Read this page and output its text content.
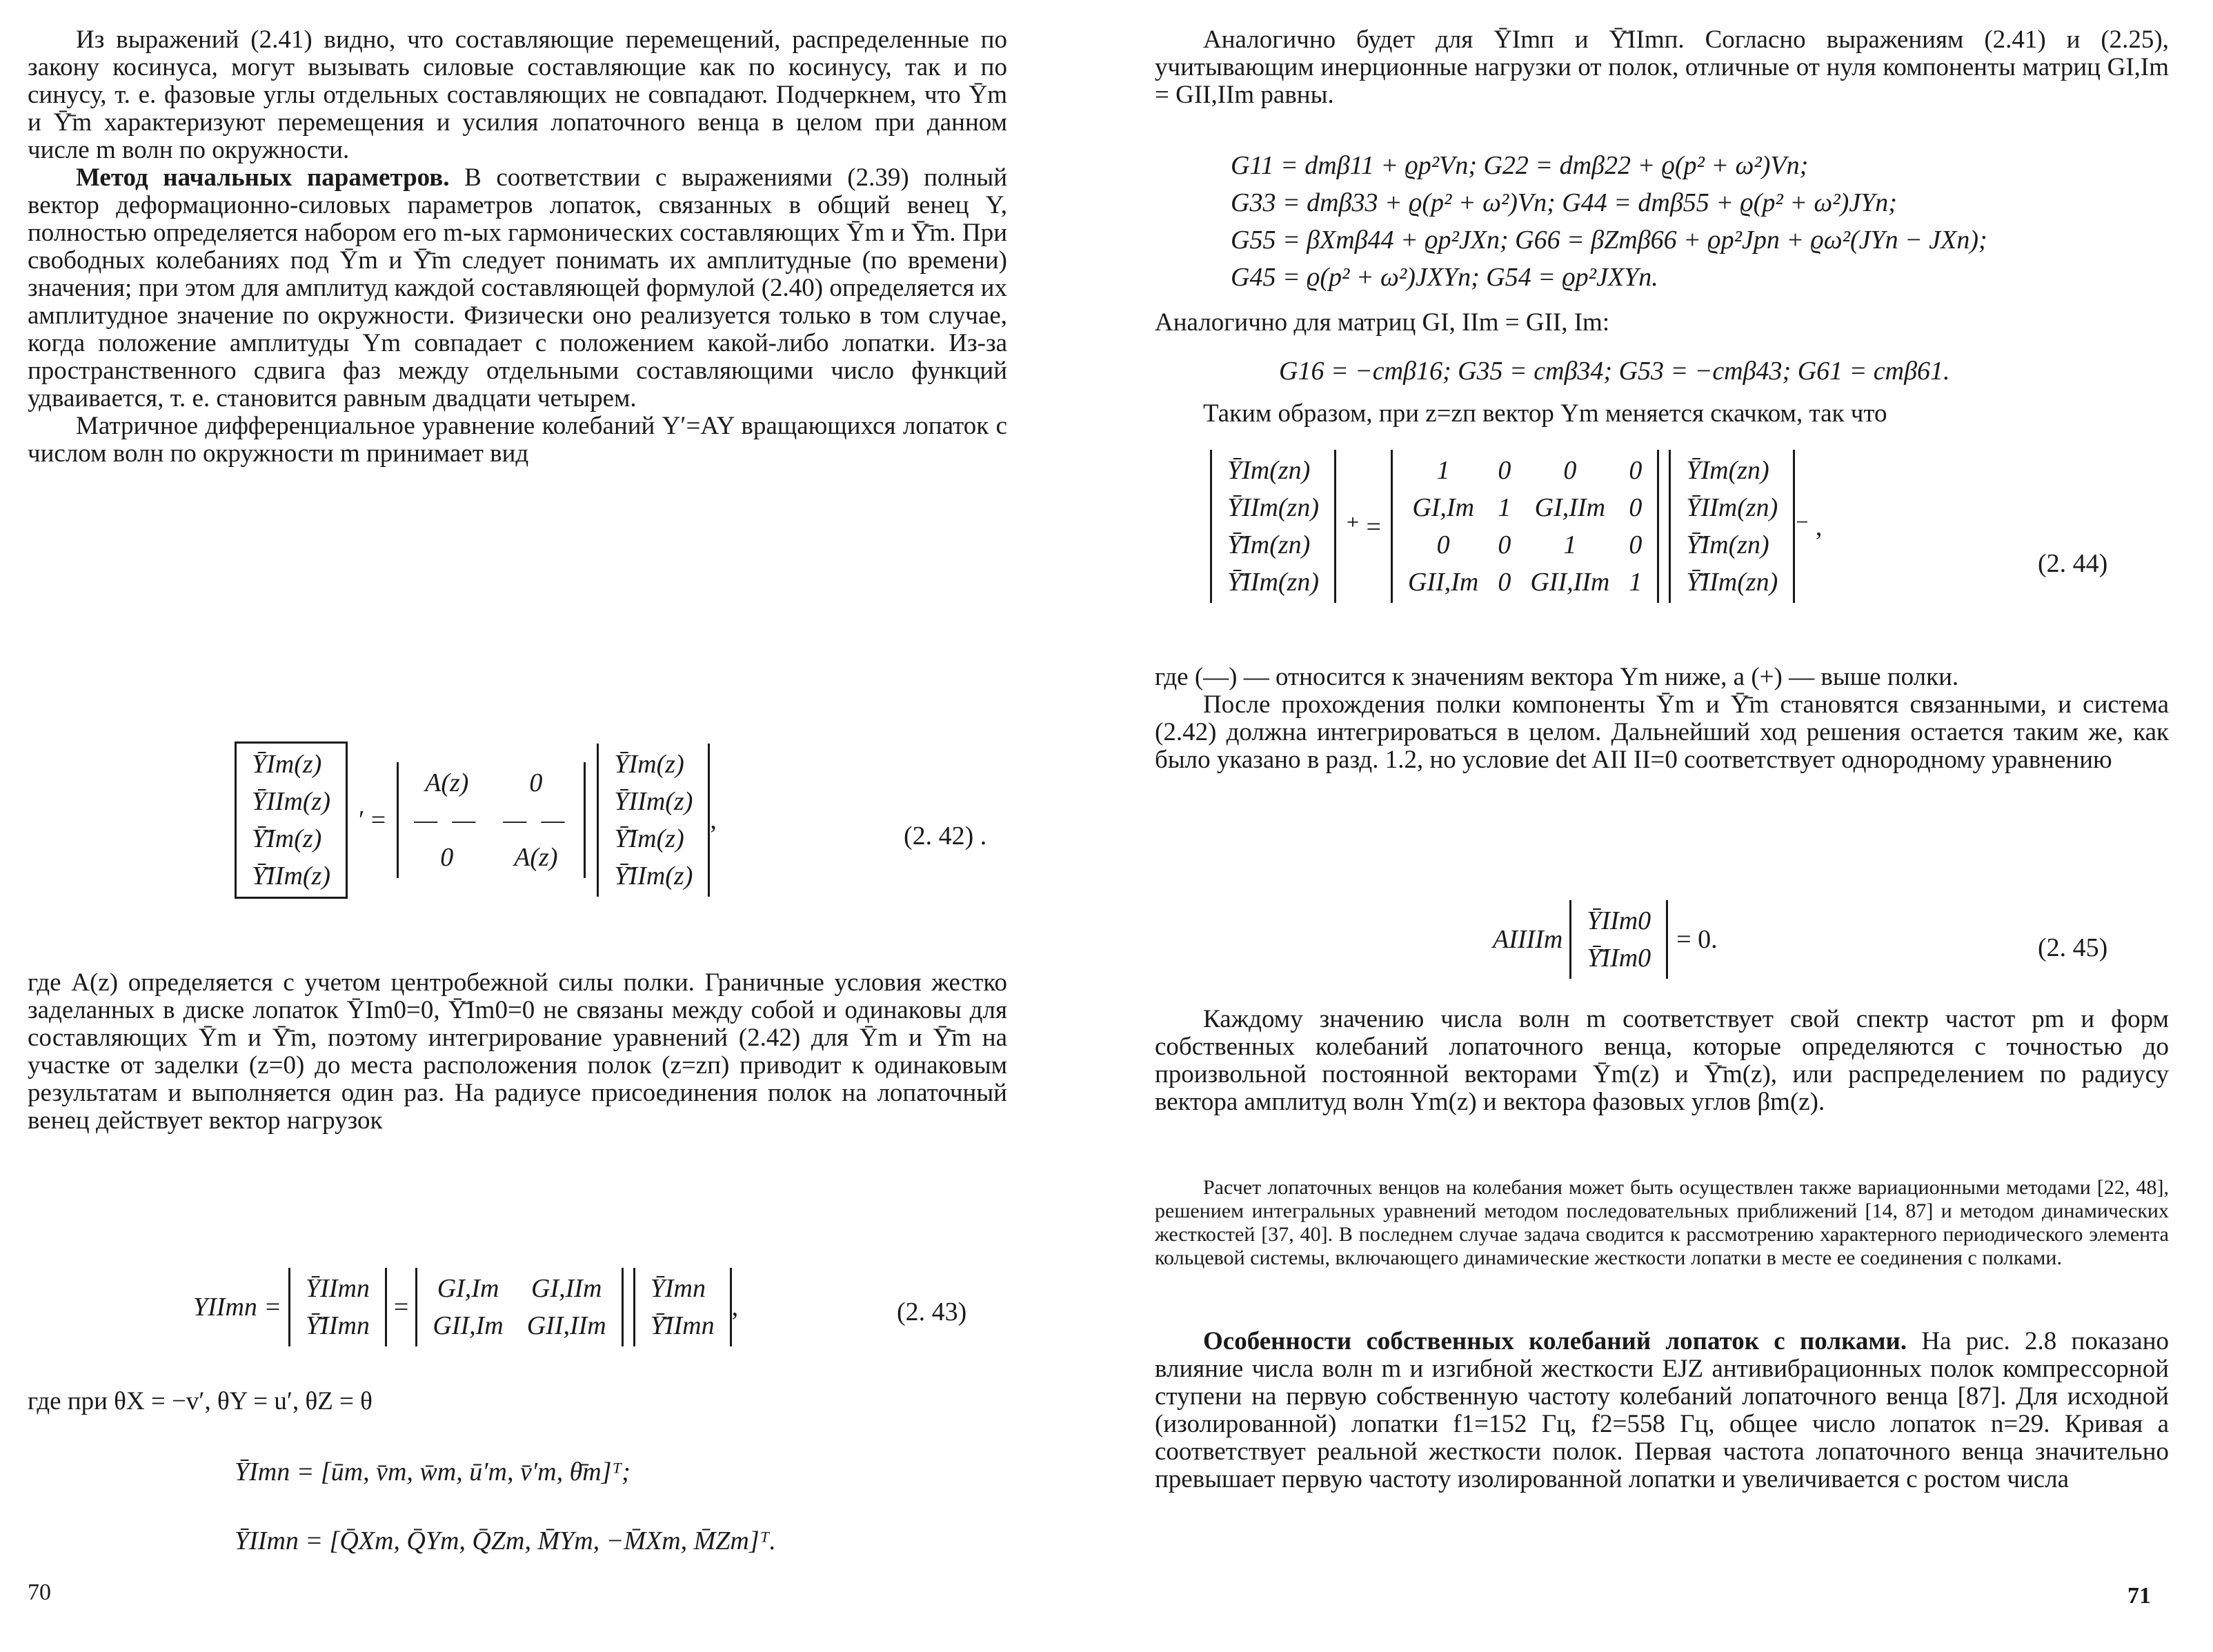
Из выражений (2.41) видно, что составляющие перемещений, распределенные по закону косинуса, могут вызывать силовые составляющие как по косинусу, так и по синусу, т. е. фазовые углы отдельных составляющих не совпадают. Подчеркнем, что Ȳm и Ȳ̄m характеризуют перемещения и усилия лопаточного венца в целом при данном числе m волн по окружности.

Метод начальных параметров. В соответствии с выражениями (2.39) полный вектор деформационно-силовых параметров лопаток, связанных в общий венец Y, полностью определяется набором его m-ых гармонических составляющих Ȳm и Ȳ̄m. При свободных колебаниях под Ȳm и Ȳ̄m следует понимать их амплитудные (по времени) значения; при этом для амплитуд каждой составляющей формулой (2.40) определяется их амплитудное значение по окружности. Физически оно реализуется только в том случае, когда положение амплитуды Ym совпадает с положением какой-либо лопатки. Из-за пространственного сдвига фаз между отдельными составляющими число функций удваивается, т. е. становится равным двадцати четырем.

Матричное дифференциальное уравнение колебаний Y′=AY вращающихся лопаток с числом волн по окружности m принимает вид

ȲIm(z)
ȲIIm(z)
Ȳ̄Im(z)
Ȳ̄IIm(z)
′ =
A(z) 0
— — — —
0 A(z)
ȲIm(z)
ȲIIm(z)
Ȳ̄Im(z)
Ȳ̄IIm(z)
,
(2. 42) .

где A(z) определяется с учетом центробежной силы полки. Граничные условия жестко заделанных в диске лопаток ȲIm0=0, Ȳ̄Im0=0 не связаны между собой и одинаковы для составляющих Ȳm и Ȳ̄m, поэтому интегрирование уравнений (2.42) для Ȳm и Ȳ̄m на участке от заделки (z=0) до места расположения полок (z=zп) приводит к одинаковым результатам и выполняется один раз. На радиусе присоединения полок на лопаточный венец действует вектор нагрузок

YIImп =
ȲIImп
Ȳ̄IImп
=
GI,Im GI,IIm
GII,Im GII,IIm
ȲImп
Ȳ̄IImп
,	(2. 43)

где при θX = −v′, θY = u′, θZ = θ

ȲImп = [ūm, v̄m, w̄m, ū′m, v̄′m, θ̄m]ᵀ;
ȲIImп = [Q̄Xm, Q̄Ym, Q̄Zm, M̄Ym, −M̄Xm, M̄Zm]ᵀ.
70

Аналогично будет для ȲImп и Ȳ̄IImп. Согласно выражениям (2.41) и (2.25), учитывающим инерционные нагрузки от полок, отличные от нуля компоненты матриц GI,Im = GII,IIm равны.

G11 = dmβ11 + ϱp²Vп; G22 = dmβ22 + ϱ(p² + ω²)Vп;
G33 = dmβ33 + ϱ(p² + ω²)Vп; G44 = dmβ55 + ϱ(p² + ω²)JYп;
G55 = βXmβ44 + ϱp²JXп; G66 = βZmβ66 + ϱp²Jpп + ϱω²(JYп − JXп);
G45 = ϱ(p² + ω²)JXYп; G54 = ϱp²JXYп.

Аналогично для матриц GI, IIm = GII, Im:

G16 = −cmβ16; G35 = cmβ34; G53 = −cmβ43; G61 = cmβ61.

Таким образом, при z=zп вектор Ym меняется скачком, так что

ȲIm(zп)
ȲIIm(zп)
Ȳ̄Im(zп)
Ȳ̄IIm(zп)
⁺ =
1 0 0 0
GI,Im 1 GI,IIm 0
0 0 1 0
GII,Im 0 GII,IIm 1
ȲIm(zп)
ȲIIm(zп)
Ȳ̄Im(zп)
Ȳ̄IIm(zп)
⁻ ,
(2. 44)

где (—) — относится к значениям вектора Ym ниже, а (+) — выше полки.

После прохождения полки компоненты Ȳm и Ȳ̄m становятся связанными, и система (2.42) должна интегрироваться в целом. Дальнейший ход решения остается таким же, как было указано в разд. 1.2, но условие det AII II=0 соответствует однородному уравнению

AIIIIm
ȲIIm0
Ȳ̄IIm0
= 0.	(2. 45)

Каждому значению числа волн m соответствует свой спектр частот pm и форм собственных колебаний лопаточного венца, которые определяются с точностью до произвольной постоянной векторами Ȳm(z) и Ȳ̄m(z), или распределением по радиусу вектора амплитуд волн Ym(z) и вектора фазовых углов βm(z).

Расчет лопаточных венцов на колебания может быть осуществлен также вариационными методами [22, 48], решением интегральных уравнений методом последовательных приближений [14, 87] и методом динамических жесткостей [37, 40]. В последнем случае задача сводится к рассмотрению характерного периодического элемента кольцевой системы, включающего динамические жесткости лопатки в месте ее соединения с полками.

Особенности собственных колебаний лопаток с полками. На рис. 2.8 показано влияние числа волн m и изгибной жесткости EJZ антивибрационных полок компрессорной ступени на первую собственную частоту колебаний лопаточного венца [87]. Для исходной (изолированной) лопатки f1=152 Гц, f2=558 Гц, общее число лопаток n=29. Кривая a соответствует реальной жесткости полок. Первая частота лопаточного венца значительно превышает первую частоту изолированной лопатки и увеличивается с ростом числа

71
